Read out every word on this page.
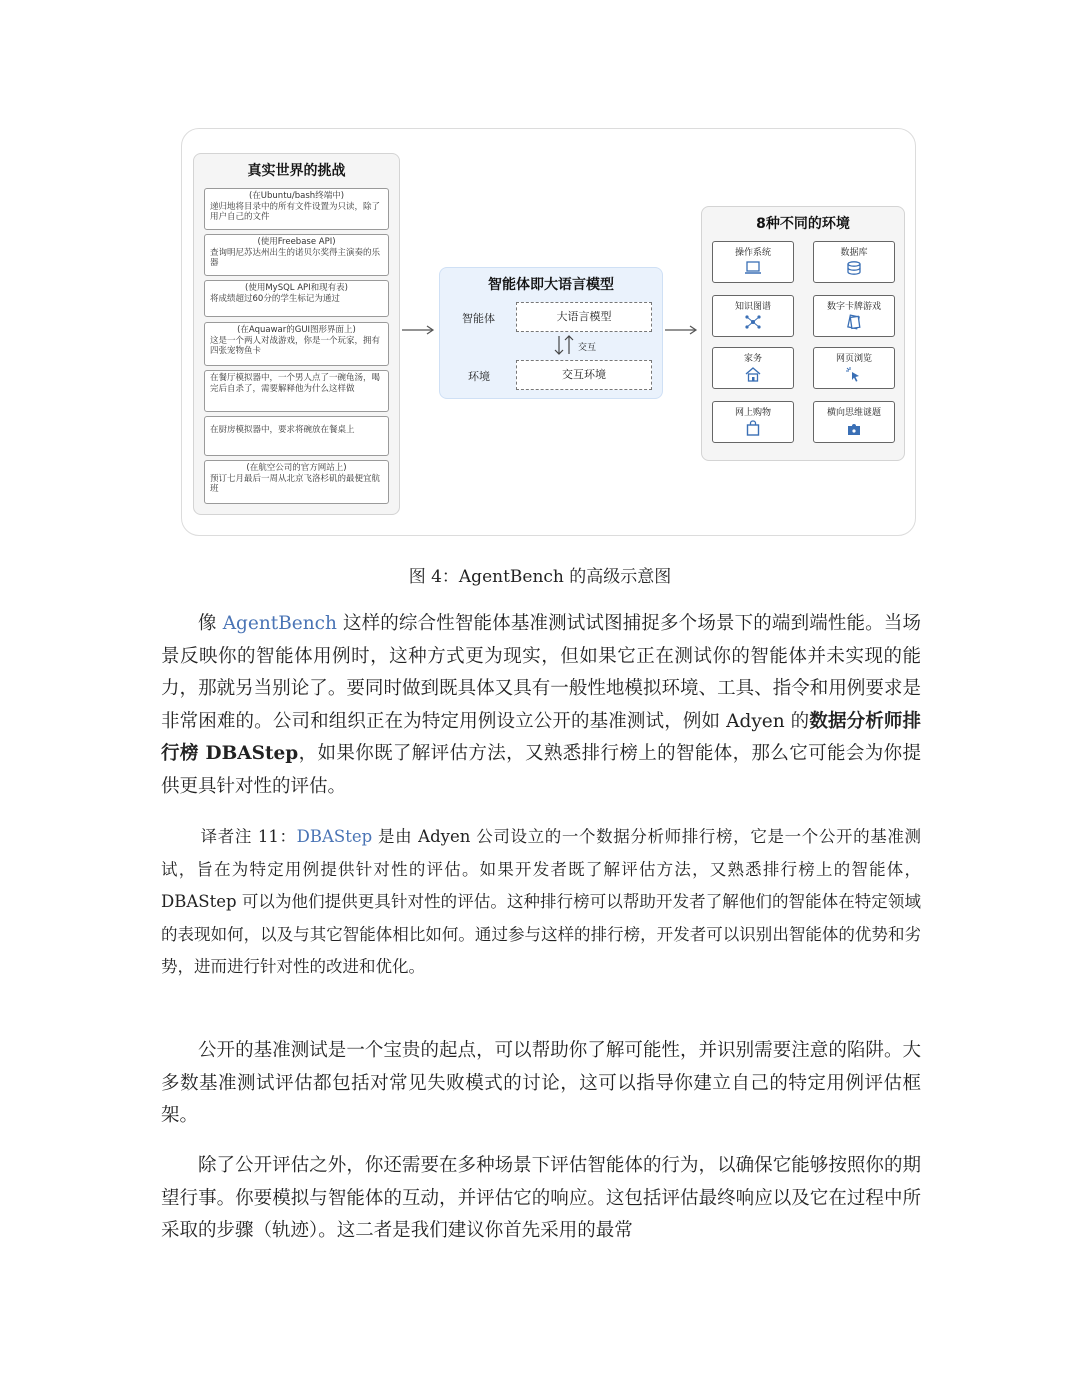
真实世界的挑战
(在Ubuntu/bash终端中)
递归地将目录中的所有文件设置为只读，除了用户自己的文件
(使用Freebase API)
查询明尼苏达州出生的诺贝尔奖得主演奏的乐器
(使用MySQL API和现有表)
将成绩超过60分的学生标记为通过
(在Aquawar的GUI图形界面上)
这是一个两人对战游戏，你是一个玩家，拥有四张宠物鱼卡
在餐厅模拟器中，一个男人点了一碗龟汤，喝完后自杀了，需要解释他为什么这样做
在厨房模拟器中，要求将碗放在餐桌上
(在航空公司的官方网站上)
预订七月最后一周从北京飞洛杉矶的最便宜航班
智能体即大语言模型
智能体	大语言模型
交互
环境	交互环境
8种不同的环境
操作系统	数据库
知识图谱	数字卡牌游戏
家务	网页浏览
网上购物	横向思维谜题
图 4：AgentBench 的高级示意图

像 AgentBench 这样的综合性智能体基准测试试图捕捉多个场景下的端到端性能。当场景反映你的智能体用例时，这种方式更为现实，但如果它正在测试你的智能体并未实现的能力，那就另当别论了。要同时做到既具体又具有一般性地模拟环境、工具、指令和用例要求是非常困难的。公司和组织正在为特定用例设立公开的基准测试，例如 Adyen 的数据分析师排行榜 DBAStep，如果你既了解评估方法，又熟悉排行榜上的智能体，那么它可能会为你提供更具针对性的评估。

译者注 11：DBAStep 是由 Adyen 公司设立的一个数据分析师排行榜，它是一个公开的基准测试，旨在为特定用例提供针对性的评估。如果开发者既了解评估方法，又熟悉排行榜上的智能体，DBAStep 可以为他们提供更具针对性的评估。这种排行榜可以帮助开发者了解他们的智能体在特定领域的表现如何，以及与其它智能体相比如何。通过参与这样的排行榜，开发者可以识别出智能体的优势和劣势，进而进行针对性的改进和优化。

公开的基准测试是一个宝贵的起点，可以帮助你了解可能性，并识别需要注意的陷阱。大多数基准测试评估都包括对常见失败模式的讨论，这可以指导你建立自己的特定用例评估框架。

除了公开评估之外，你还需要在多种场景下评估智能体的行为，以确保它能够按照你的期望行事。你要模拟与智能体的互动，并评估它的响应。这包括评估最终响应以及它在过程中所采取的步骤（轨迹）。这二者是我们建议你首先采用的最常
